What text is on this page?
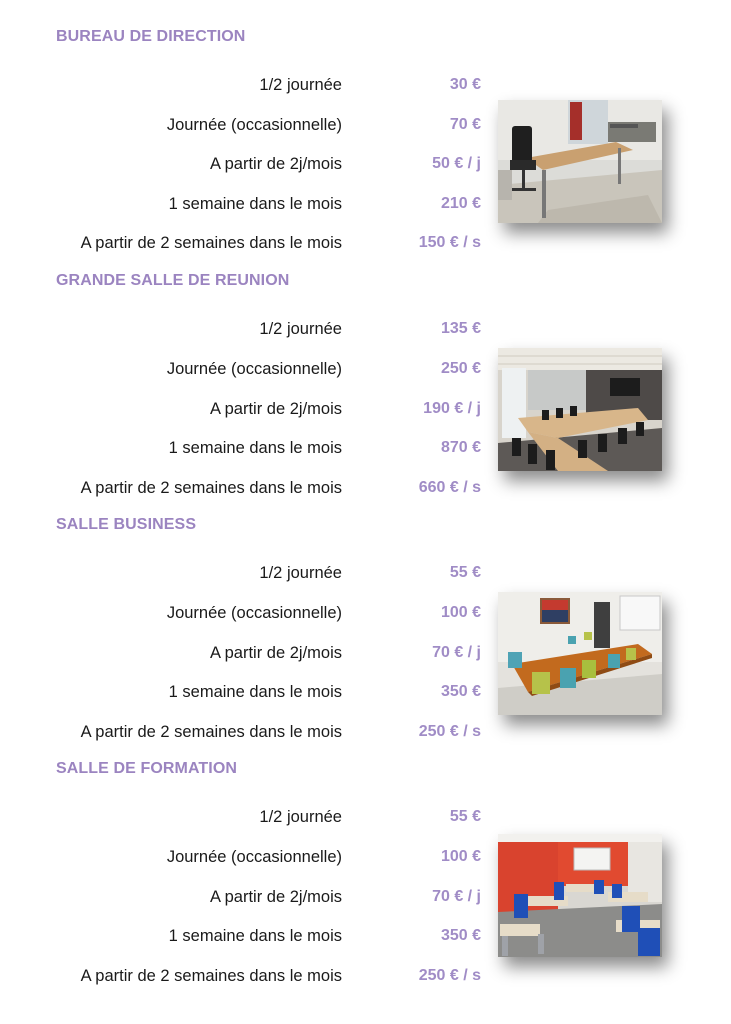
BUREAU DE DIRECTION
1/2 journée	30 €
Journée (occasionnelle)	70 €
A partir de 2j/mois	50 € / j
1 semaine dans le mois	210 €
A partir de 2 semaines dans le mois	150 € / s
GRANDE SALLE DE REUNION
1/2 journée	135 €
Journée (occasionnelle)	250 €
A partir de 2j/mois	190 € / j
1 semaine dans le mois	870 €
A partir de 2 semaines dans le mois	660 € / s
SALLE BUSINESS
1/2 journée	55 €
Journée (occasionnelle)	100 €
A partir de 2j/mois	70 € / j
1 semaine dans le mois	350 €
A partir de 2 semaines dans le mois	250 € / s
SALLE DE FORMATION
1/2 journée	55 €
Journée (occasionnelle)	100 €
A partir de 2j/mois	70 € / j
1 semaine dans le mois	350 €
A partir de 2 semaines dans le mois	250 € / s
